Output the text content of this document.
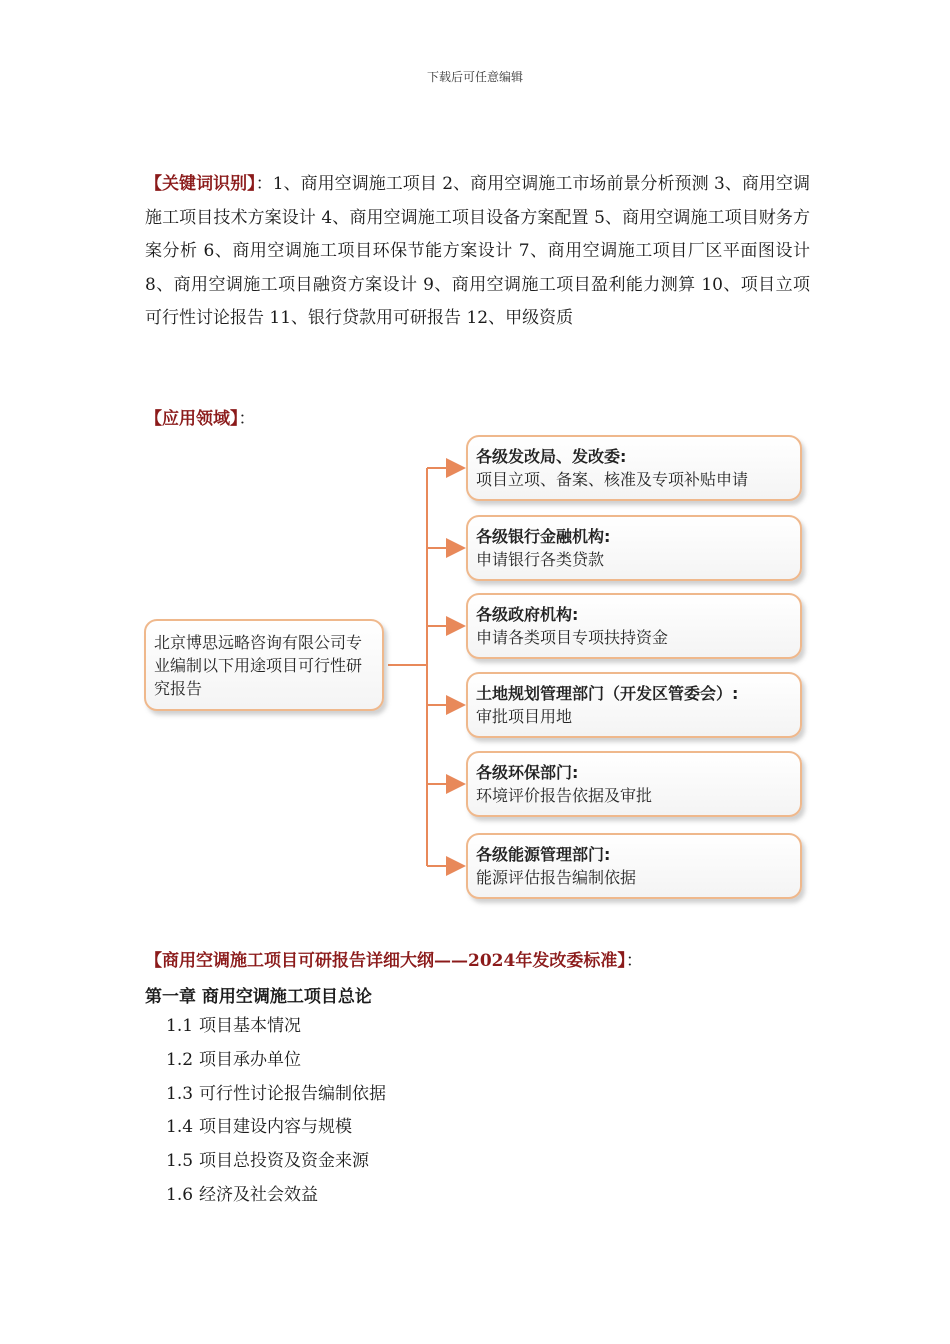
下载后可任意编辑
【关键词识别】：1、商用空调施工项目 2、商用空调施工市场前景分析预测 3、商用空调施工项目技术方案设计 4、商用空调施工项目设备方案配置 5、商用空调施工项目财务方案分析 6、商用空调施工项目环保节能方案设计 7、商用空调施工项目厂区平面图设计 8、商用空调施工项目融资方案设计 9、商用空调施工项目盈利能力测算 10、项目立项可行性讨论报告 11、银行贷款用可研报告 12、甲级资质
【应用领域】：
北京博思远略咨询有限公司专业编制以下用途项目可行性研究报告
各级发改局、发改委:
项目立项、备案、核准及专项补贴申请
各级银行金融机构:
申请银行各类贷款
各级政府机构:
申请各类项目专项扶持资金
土地规划管理部门（开发区管委会）:
审批项目用地
各级环保部门:
环境评价报告依据及审批
各级能源管理部门:
能源评估报告编制依据
【商用空调施工项目可研报告详细大纲——2024年发改委标准】：
第一章 商用空调施工项目总论
1.1 项目基本情况
1.2 项目承办单位
1.3 可行性讨论报告编制依据
1.4 项目建设内容与规模
1.5 项目总投资及资金来源
1.6 经济及社会效益
